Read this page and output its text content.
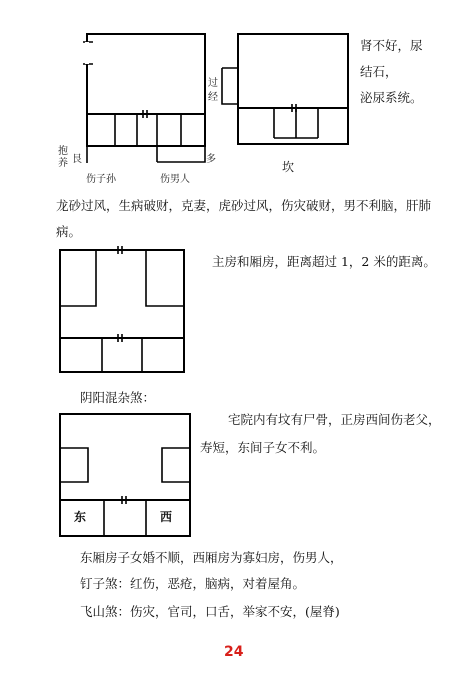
抱
养 艮
伤子孙	伤男人
多
过
经
坎
肾不好，尿
结石，
泌尿系统。
龙砂过风，生病破财，克妻，虎砂过风，伤灾破财，男不利脑，肝肺
病。
主房和厢房，距离超过 1，2 米的距离。
阴阳混杂煞：
东	西
宅院内有坟有尸骨，正房西间伤老父，
寿短，东间子女不利。
东厢房子女婚不顺，西厢房为寡妇房，伤男人，
钉子煞：红伤，恶疮，脑病，对着屋角。
飞山煞：伤灾，官司，口舌，举家不安，(屋脊)
24
